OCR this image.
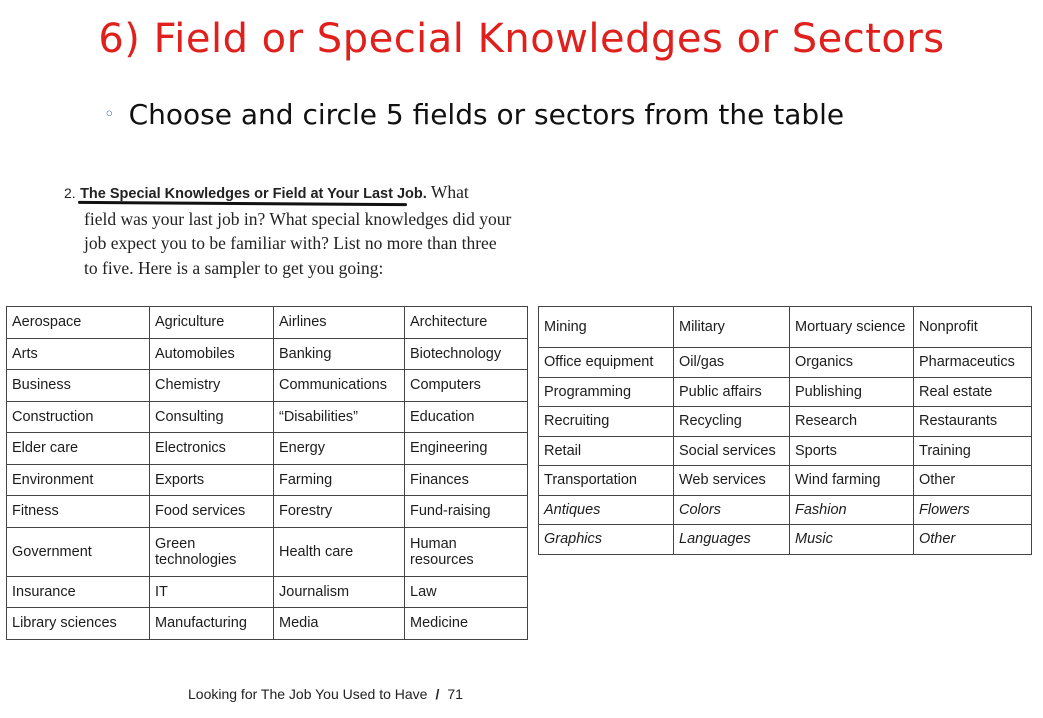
6) Field or Special Knowledges or Sectors
◦ Choose and circle 5 fields or sectors from the table
2. The Special Knowledges or Field at Your Last Job. What
field was your last job in? What special knowledges did your job expect you to be familiar with? List no more than three to five. Here is a sampler to get you going:
Aerospace	Agriculture	Airlines	Architecture
Arts	Automobiles	Banking	Biotechnology
Business	Chemistry	Communications	Computers
Construction	Consulting	“Disabilities”	Education
Elder care	Electronics	Energy	Engineering
Environment	Exports	Farming	Finances
Fitness	Food services	Forestry	Fund-raising
Government	Green technologies	Health care	Human resources
Insurance	IT	Journalism	Law
Library sciences	Manufacturing	Media	Medicine
Mining	Military	Mortuary science	Nonprofit
Office equipment	Oil/gas	Organics	Pharmaceutics
Programming	Public affairs	Publishing	Real estate
Recruiting	Recycling	Research	Restaurants
Retail	Social services	Sports	Training
Transportation	Web services	Wind farming	Other
Antiques	Colors	Fashion	Flowers
Graphics	Languages	Music	Other
Looking for The Job You Used to Have / 71
